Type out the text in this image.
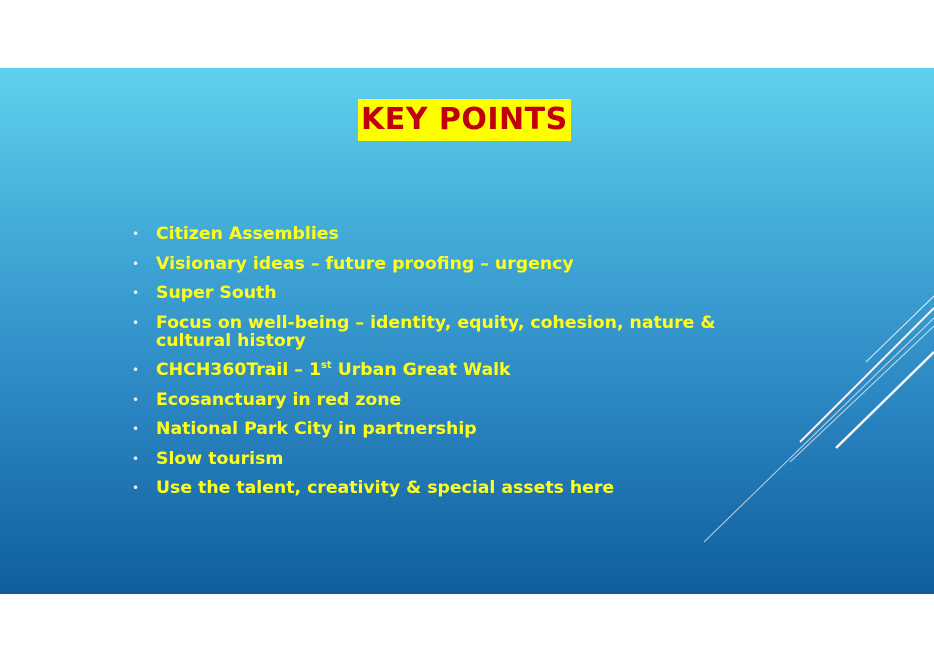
KEY POINTS
• Citizen Assemblies
• Visionary ideas – future proofing – urgency
• Super South
• Focus on well-being – identity, equity, cohesion, nature & cultural history
• CHCH360Trail – 1st Urban Great Walk
• Ecosanctuary in red zone
• National Park City in partnership
• Slow tourism
• Use the talent, creativity & special assets here
